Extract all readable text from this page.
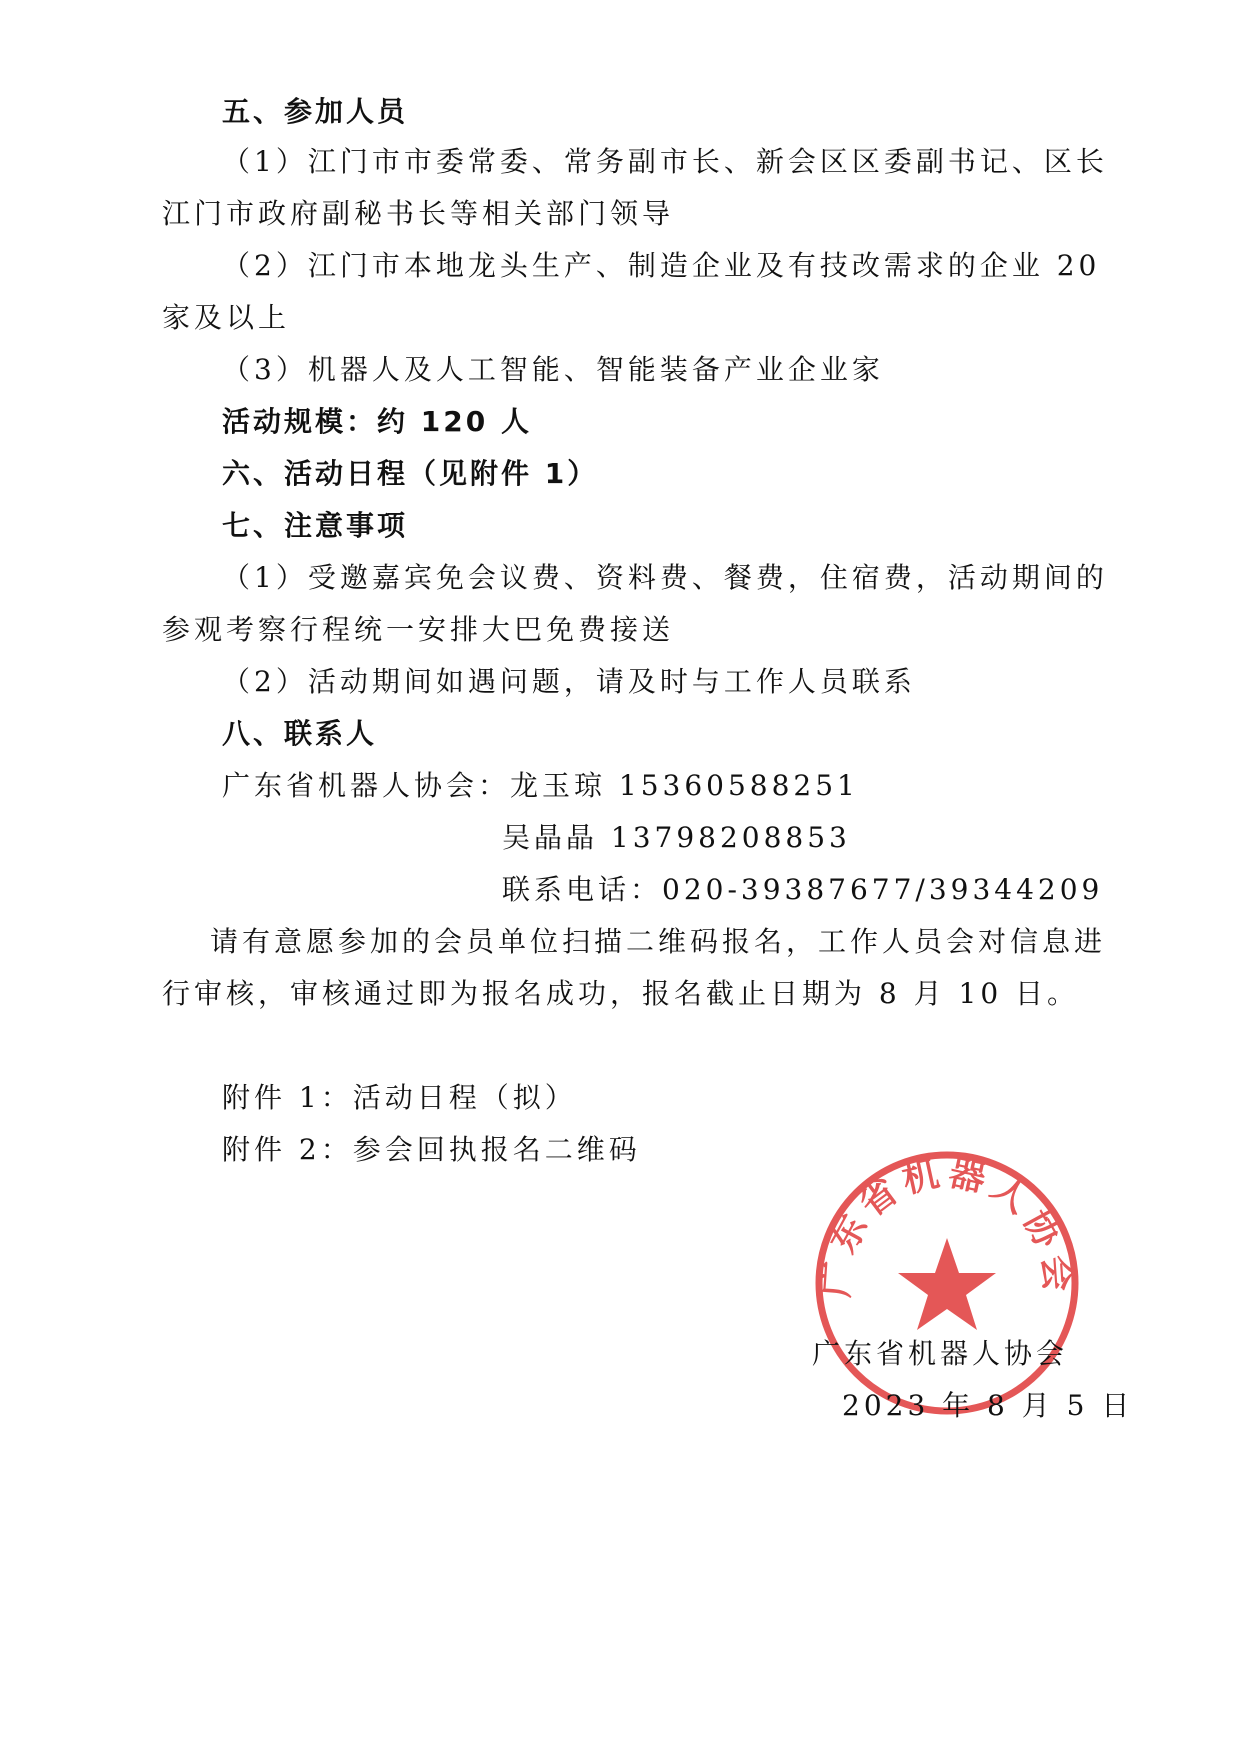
五、参加人员
（1）江门市市委常委、常务副市长、新会区区委副书记、区长
江门市政府副秘书长等相关部门领导
（2）江门市本地龙头生产、制造企业及有技改需求的企业 20
家及以上
（3）机器人及人工智能、智能装备产业企业家
活动规模：约 120 人
六、活动日程（见附件 1）
七、注意事项
（1）受邀嘉宾免会议费、资料费、餐费，住宿费，活动期间的
参观考察行程统一安排大巴免费接送
（2）活动期间如遇问题，请及时与工作人员联系
八、联系人
广东省机器人协会：龙玉琼 15360588251
吴晶晶 13798208853
联系电话：020-39387677/39344209
请有意愿参加的会员单位扫描二维码报名，工作人员会对信息进
行审核，审核通过即为报名成功，报名截止日期为 8 月 10 日。
附件 1：活动日程（拟）
附件 2：参会回执报名二维码
广东省机器人协会
广东省机器人协会
2023 年 8 月 5 日
